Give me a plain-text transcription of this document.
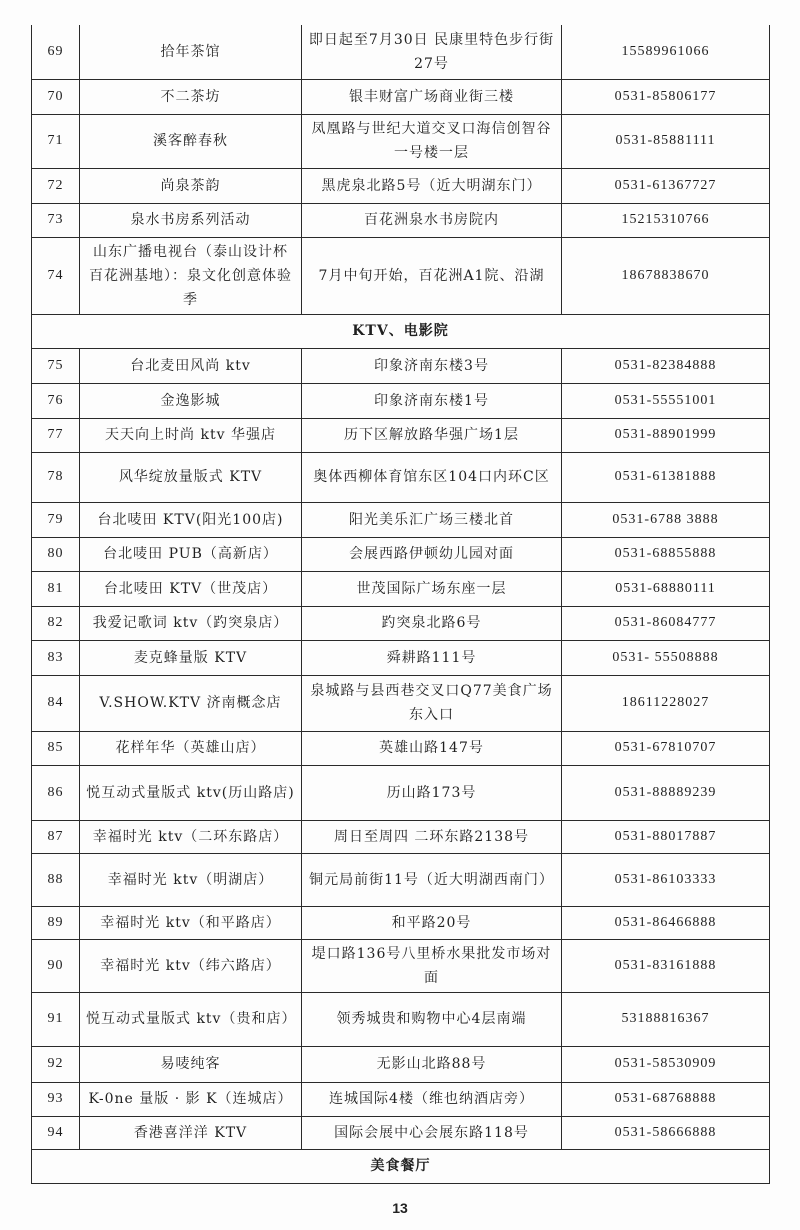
69	拾年茶馆	即日起至7月30日 民康里特色步行街27号	15589961066
70	不二茶坊	银丰财富广场商业街三楼	0531-85806177
71	溪客醉春秋	凤凰路与世纪大道交叉口海信创智谷一号楼一层	0531-85881111
72	尚泉茶韵	黑虎泉北路5号（近大明湖东门）	0531-61367727
73	泉水书房系列活动	百花洲泉水书房院内	15215310766
74	山东广播电视台（泰山设计杯百花洲基地）：泉文化创意体验季	7月中旬开始，百花洲A1院、沿湖	18678838670
KTV、电影院			
75	台北麦田风尚 ktv	印象济南东楼3号	0531-82384888
76	金逸影城	印象济南东楼1号	0531-55551001
77	天天向上时尚 ktv 华强店	历下区解放路华强广场1层	0531-88901999
78	风华绽放量版式 KTV	奥体西柳体育馆东区104口内环C区	0531-61381888
79	台北唛田 KTV(阳光100店)	阳光美乐汇广场三楼北首	0531-6788 3888
80	台北唛田 PUB（高新店）	会展西路伊顿幼儿园对面	0531-68855888
81	台北唛田 KTV（世茂店）	世茂国际广场东座一层	0531-68880111
82	我爱记歌词 ktv（趵突泉店）	趵突泉北路6号	0531-86084777
83	麦克蜂量版 KTV	舜耕路111号	0531- 55508888
84	V.SHOW.KTV 济南概念店	泉城路与县西巷交叉口Q77美食广场东入口	18611228027
85	花样年华（英雄山店）	英雄山路147号	0531-67810707
86	悦互动式量版式 ktv(历山路店)	历山路173号	0531-88889239
87	幸福时光 ktv（二环东路店）	周日至周四 二环东路2138号	0531-88017887
88	幸福时光 ktv（明湖店）	铜元局前街11号（近大明湖西南门）	0531-86103333
89	幸福时光 ktv（和平路店）	和平路20号	0531-86466888
90	幸福时光 ktv（纬六路店）	堤口路136号八里桥水果批发市场对面	0531-83161888
91	悦互动式量版式 ktv（贵和店）	领秀城贵和购物中心4层南端	53188816367
92	易唛纯客	无影山北路88号	0531-58530909
93	K-0ne 量版 · 影 K（连城店）	连城国际4楼（维也纳酒店旁）	0531-68768888
94	香港喜洋洋 KTV	国际会展中心会展东路118号	0531-58666888
美食餐厅			
13
